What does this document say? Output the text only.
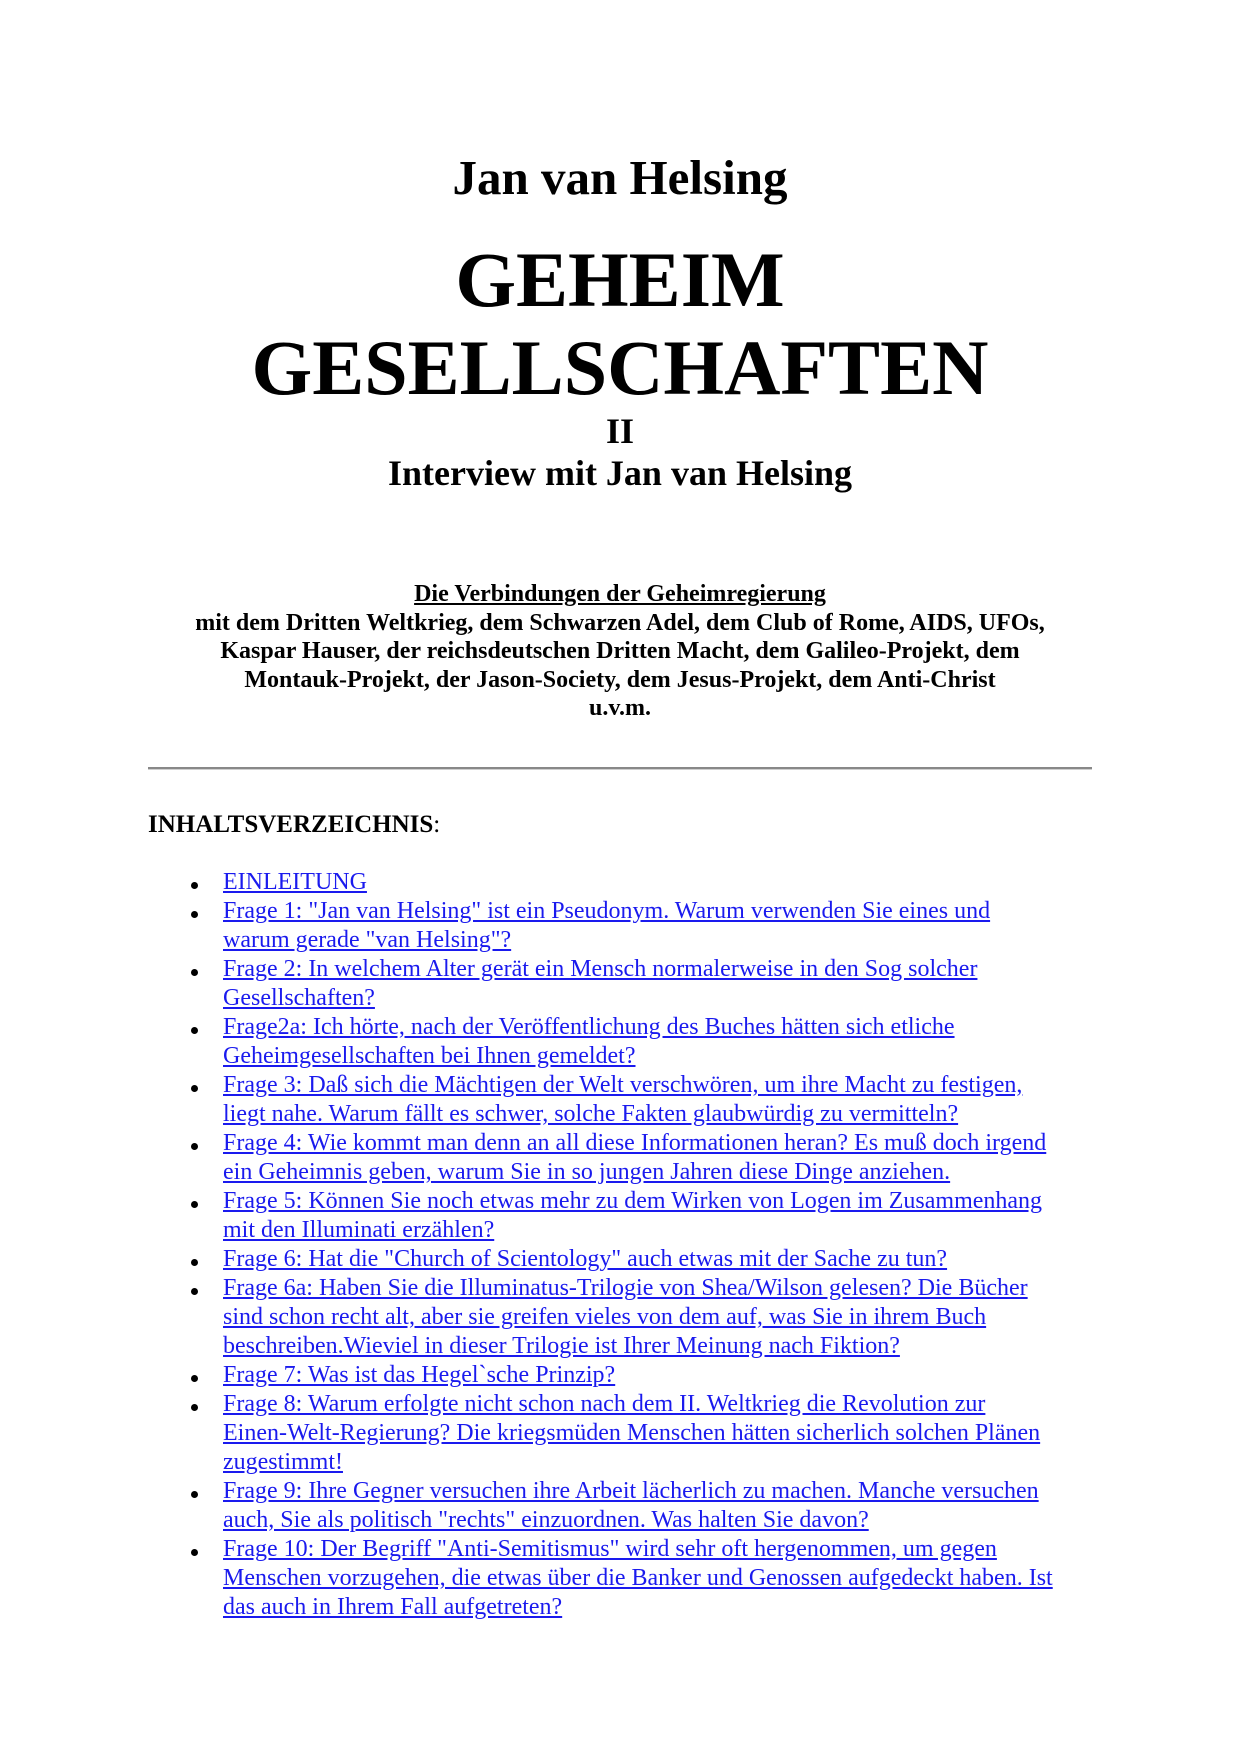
Jan van Helsing
GEHEIM
GESELLSCHAFTEN
II
Interview mit Jan van Helsing
Die Verbindungen der Geheimregierung
mit dem Dritten Weltkrieg, dem Schwarzen Adel, dem Club of Rome, AIDS, UFOs,
Kaspar Hauser, der reichsdeutschen Dritten Macht, dem Galileo-Projekt, dem
Montauk-Projekt, der Jason-Society, dem Jesus-Projekt, dem Anti-Christ
u.v.m.
INHALTSVERZEICHNIS:
EINLEITUNG
Frage 1: "Jan van Helsing" ist ein Pseudonym. Warum verwenden Sie eines und
warum gerade "van Helsing"?
Frage 2: In welchem Alter gerät ein Mensch normalerweise in den Sog solcher
Gesellschaften?
Frage2a: Ich hörte, nach der Veröffentlichung des Buches hätten sich etliche
Geheimgesellschaften bei Ihnen gemeldet?
Frage 3: Daß sich die Mächtigen der Welt verschwören, um ihre Macht zu festigen,
liegt nahe. Warum fällt es schwer, solche Fakten glaubwürdig zu vermitteln?
Frage 4: Wie kommt man denn an all diese Informationen heran? Es muß doch irgend
ein Geheimnis geben, warum Sie in so jungen Jahren diese Dinge anziehen.
Frage 5: Können Sie noch etwas mehr zu dem Wirken von Logen im Zusammenhang
mit den Illuminati erzählen?
Frage 6: Hat die "Church of Scientology" auch etwas mit der Sache zu tun?
Frage 6a: Haben Sie die Illuminatus-Trilogie von Shea/Wilson gelesen? Die Bücher
sind schon recht alt, aber sie greifen vieles von dem auf, was Sie in ihrem Buch
beschreiben.Wieviel in dieser Trilogie ist Ihrer Meinung nach Fiktion?
Frage 7: Was ist das Hegel`sche Prinzip?
Frage 8: Warum erfolgte nicht schon nach dem II. Weltkrieg die Revolution zur
Einen-Welt-Regierung? Die kriegsmüden Menschen hätten sicherlich solchen Plänen
zugestimmt!
Frage 9: Ihre Gegner versuchen ihre Arbeit lächerlich zu machen. Manche versuchen
auch, Sie als politisch "rechts" einzuordnen. Was halten Sie davon?
Frage 10: Der Begriff "Anti-Semitismus" wird sehr oft hergenommen, um gegen
Menschen vorzugehen, die etwas über die Banker und Genossen aufgedeckt haben. Ist
das auch in Ihrem Fall aufgetreten?
